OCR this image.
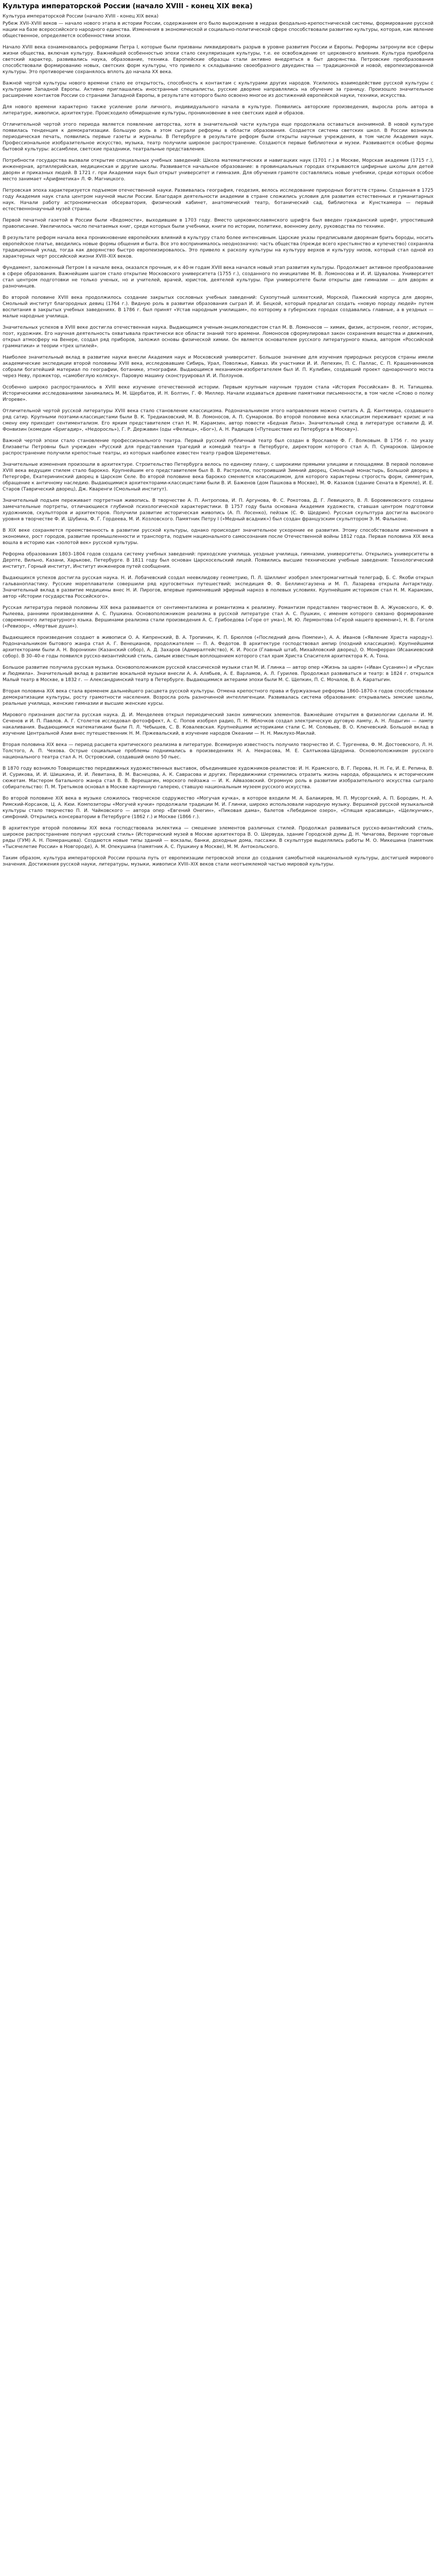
Культура императорской России (начало XVIII - конец XIX века)
Культура императорской России (начало XVIII - конец XIX века)

Рубеж XVII–XVIII веков — начало нового этапа в истории России, содержанием его было вырождение в недрах феодально-крепостнической системы, формирование русской нации на базе всероссийского народного единства. Изменения в экономической и социально-политической сфере способствовали развитию культуры, которая, как явление общественное, определяется особенностями эпохи.

Начало XVIII века ознаменовалось реформами Петра I, которые были призваны ликвидировать разрыв в уровне развития России и Европы. Реформы затронули все сферы жизни общества, включая культуру. Важнейшей особенностью эпохи стало секуляризация культуры, т.е. ее освобождение от церковного влияния. Культура приобрела светский характер, развивались наука, образование, техника. Европейские образцы стали активно внедряться в быт дворянства. Петровские преобразования способствовали формированию новых, светских форм культуры, что привело к складыванию своеобразного двуединства — традиционной и новой, европеизированной культуры. Это противоречие сохранялось вплоть до начала XX века.

Важной чертой культуры нового времени стало ее открытость, способность к контактам с культурами других народов. Усилилось взаимодействие русской культуры с культурами Западной Европы. Активно приглашались иностранные специалисты, русские дворяне направлялись на обучение за границу. Произошло значительное расширение контактов России со странами Западной Европы, в результате которого было освоено многое из достижений европейской науки, техники, искусства.

Для нового времени характерно также усиление роли личного, индивидуального начала в культуре. Появились авторские произведения, выросла роль автора в литературе, живописи, архитектуре. Происходило обмирщение культуры, проникновение в нее светских идей и образов.

Отличительной чертой этого периода является появление авторства, хотя в значительной части культура еще продолжала оставаться анонимной. В новой культуре появилась тенденция к демократизации. Большую роль в этом сыграли реформы в области образования. Создается система светских школ. В России возникла периодическая печать, появились первые газеты и журналы. В Петербурге в результате реформ были открыты научные учреждения, в том числе Академия наук. Профессиональное изобразительное искусство, музыка, театр получили широкое распространение. Создаются первые библиотеки и музеи. Развиваются особые формы бытовой культуры: ассамблеи, светские праздники, театральные представления.

Потребности государства вызвали открытие специальных учебных заведений: Школа математических и навигацких наук (1701 г.) в Москве, Морская академия (1715 г.), инженерная, артиллерийская, медицинская и другие школы. Развивается начальное образование: в провинциальных городах открываются цифирные школы для детей дворян и приказных людей. В 1721 г. при Академии наук был открыт университет и гимназия. Для обучения грамоте составлялись новые учебники, среди которых особое место занимает «Арифметика» Л. Ф. Магницкого.

Петровская эпоха характеризуется подъемом отечественной науки. Развивалась география, геодезия, велось исследование природных богатств страны. Созданная в 1725 году Академия наук стала центром научной мысли России. Благодаря деятельности академии в стране сложились условия для развития естественных и гуманитарных наук. Начали работу астрономическая обсерватория, физический кабинет, анатомический театр, ботанический сад, библиотека и Кунсткамера — первый естественнонаучный музей страны.

Первой печатной газетой в России были «Ведомости», выходившие в 1703 году. Вместо церковнославянского шрифта был введен гражданский шрифт, упростивший правописание. Увеличилось число печатаемых книг, среди которых были учебники, книги по истории, политике, военному делу, руководства по технике.

В результате реформ начала века проникновение европейских влияний в культуру стало более интенсивным. Царские указы предписывали дворянам брить бороды, носить европейское платье, вводились новые формы общения и быта. Все это воспринималось неоднозначно: часть общества (прежде всего крестьянство и купечество) сохраняла традиционный уклад, тогда как дворянство быстро европеизировалось. Это привело к расколу культуры на культуру верхов и культуру низов, который стал одной из характерных черт российской жизни XVIII–XIX веков.

Фундамент, заложенный Петром I в начале века, оказался прочным, и к 40-м годам XVIII века начался новый этап развития культуры. Продолжает активное преобразование в сфере образования. Важнейшим шагом стало открытие Московского университета (1755 г.), созданного по инициативе М. В. Ломоносова и И. И. Шувалова. Университет стал центром подготовки не только ученых, но и учителей, врачей, юристов, деятелей культуры. При университете были открыты две гимназии — для дворян и разночинцев.

Во второй половине XVIII века продолжилось создание закрытых сословных учебных заведений: Сухопутный шляхетский, Морской, Пажеский корпуса для дворян, Смольный институт благородных девиц (1764 г.). Видную роль в развитии образования сыграл И. И. Бецкой, который предлагал создать «новую породу людей» путем воспитания в закрытых учебных заведениях. В 1786 г. был принят «Устав народным училищам», по которому в губернских городах создавались главные, а в уездных — малые народные училища.

Значительных успехов в XVIII веке достигла отечественная наука. Выдающимся ученым-энциклопедистом стал М. В. Ломоносов — химик, физик, астроном, геолог, историк, поэт, художник. Его научная деятельность охватывала практически все области знаний того времени. Ломоносов сформулировал закон сохранения вещества и движения, открыл атмосферу на Венере, создал ряд приборов, заложил основы физической химии. Он является основателем русского литературного языка, автором «Российской грамматики» и теории «трех штилей».

Наиболее значительный вклад в развитие науки внесли Академия наук и Московский университет. Большое значение для изучения природных ресурсов страны имели академические экспедиции второй половины XVIII века, исследовавшие Сибирь, Урал, Поволжье, Кавказ. Их участники И. И. Лепехин, П. С. Паллас, С. П. Крашенинников собрали богатейший материал по географии, ботанике, этнографии. Выдающимся механиком-изобретателем был И. П. Кулибин, создавший проект одноарочного моста через Неву, прожектор, «самобеглую коляску». Паровую машину сконструировал И. И. Ползунов.

Особенно широко распространилось в XVIII веке изучение отечественной истории. Первым крупным научным трудом стала «История Российская» В. Н. Татищева. Историческими исследованиями занимались М. М. Щербатов, И. Н. Болтин, Г. Ф. Миллер. Начали издаваться древние памятники письменности, в том числе «Слово о полку Игореве».

Отличительной чертой русской литературы XVIII века стало становление классицизма. Родоначальником этого направления можно считать А. Д. Кантемира, создавшего ряд сатир. Крупными поэтами-классицистами были В. К. Тредиаковский, М. В. Ломоносов, А. П. Сумароков. Во второй половине века классицизм переживает кризис и на смену ему приходит сентиментализм. Его ярким представителем стал Н. М. Карамзин, автор повести «Бедная Лиза». Значительный след в литературе оставили Д. И. Фонвизин (комедии «Бригадир», «Недоросль»), Г. Р. Державин (оды «Фелица», «Бог»), А. Н. Радищев («Путешествие из Петербурга в Москву»).

Важной чертой эпохи стало становление профессионального театра. Первый русский публичный театр был создан в Ярославле Ф. Г. Волковым. В 1756 г. по указу Елизаветы Петровны был учрежден «Русский для представления трагедий и комедий театр» в Петербурге, директором которого стал А. П. Сумароков. Широкое распространение получили крепостные театры, из которых наиболее известен театр графов Шереметевых.

Значительные изменения произошли в архитектуре. Строительство Петербурга велось по единому плану, с широкими прямыми улицами и площадями. В первой половине XVIII века ведущим стилем стало барокко. Крупнейшим его представителем был В. В. Растрелли, построивший Зимний дворец, Смольный монастырь, Большой дворец в Петергофе, Екатерининский дворец в Царском Селе. Во второй половине века барокко сменяется классицизмом, для которого характерны строгость форм, симметрия, обращение к античному наследию. Выдающимися архитекторами-классицистами были В. И. Баженов (дом Пашкова в Москве), М. Ф. Казаков (здание Сената в Кремле), И. Е. Старов (Таврический дворец), Дж. Кваренги (Смольный институт).

Значительный подъем переживает портретная живопись. В творчестве А. П. Антропова, И. П. Аргунова, Ф. С. Рокотова, Д. Г. Левицкого, В. Л. Боровиковского созданы замечательные портреты, отличающиеся глубиной психологической характеристики. В 1757 году была основана Академия художеств, ставшая центром подготовки художников, скульпторов и архитекторов. Получили развитие историческая живопись (А. П. Лосенко), пейзаж (С. Ф. Щедрин). Русская скульптура достигла высокого уровня в творчестве Ф. И. Шубина, Ф. Г. Гордеева, М. И. Козловского. Памятник Петру I («Медный всадник») был создан французским скульптором Э. М. Фальконе.

В XIX веке сохраняется преемственность в развитии русской культуры, однако происходит значительное ускорение ее развития. Этому способствовали изменения в экономике, рост городов, развитие промышленности и транспорта, подъем национального самосознания после Отечественной войны 1812 года. Первая половина XIX века вошла в историю как «золотой век» русской культуры.

Реформа образования 1803–1804 годов создала систему учебных заведений: приходские училища, уездные училища, гимназии, университеты. Открылись университеты в Дерпте, Вильно, Казани, Харькове, Петербурге. В 1811 году был основан Царскосельский лицей. Появились высшие технические учебные заведения: Технологический институт, Горный институт, Институт инженеров путей сообщения.

Выдающихся успехов достигла русская наука. Н. И. Лобачевский создал неевклидову геометрию, П. Л. Шиллинг изобрел электромагнитный телеграф, Б. С. Якоби открыл гальванопластику. Русские мореплаватели совершили ряд кругосветных путешествий; экспедиция Ф. Ф. Беллинсгаузена и М. П. Лазарева открыла Антарктиду. Значительный вклад в развитие медицины внес Н. И. Пирогов, впервые применивший эфирный наркоз в полевых условиях. Крупнейшим историком стал Н. М. Карамзин, автор «Истории государства Российского».

Русская литература первой половины XIX века развивается от сентиментализма и романтизма к реализму. Романтизм представлен творчеством В. А. Жуковского, К. Ф. Рылеева, ранними произведениями А. С. Пушкина. Основоположником реализма в русской литературе стал А. С. Пушкин, с именем которого связано формирование современного литературного языка. Вершинами реализма стали произведения А. С. Грибоедова («Горе от ума»), М. Ю. Лермонтова («Герой нашего времени»), Н. В. Гоголя («Ревизор», «Мертвые души»).

Выдающиеся произведения создают в живописи О. А. Кипренский, В. А. Тропинин, К. П. Брюллов («Последний день Помпеи»), А. А. Иванов («Явление Христа народу»). Родоначальником бытового жанра стал А. Г. Венецианов, продолжателем — П. А. Федотов. В архитектуре господствовал ампир (поздний классицизм). Крупнейшими архитекторами были А. Н. Воронихин (Казанский собор), А. Д. Захаров (Адмиралтейство), К. И. Росси (Главный штаб, Михайловский дворец), О. Монферран (Исаакиевский собор). В 30–40-е годы появился русско-византийский стиль, самым известным воплощением которого стал храм Христа Спасителя архитектора К. А. Тона.

Большое развитие получила русская музыка. Основоположником русской классической музыки стал М. И. Глинка — автор опер «Жизнь за царя» («Иван Сусанин») и «Руслан и Людмила». Значительный вклад в развитие вокальной музыки внесли А. А. Алябьев, А. Е. Варламов, А. Л. Гурилев. Продолжал развиваться и театр: в 1824 г. открылся Малый театр в Москве, в 1832 г. — Александринский театр в Петербурге. Выдающимися актерами эпохи были М. С. Щепкин, П. С. Мочалов, В. А. Каратыгин.

Вторая половина XIX века стала временем дальнейшего расцвета русской культуры. Отмена крепостного права и буржуазные реформы 1860–1870-х годов способствовали демократизации культуры, росту грамотности населения. Возросла роль разночинной интеллигенции. Развивалась система образования: открывались земские школы, реальные училища, женские гимназии и высшие женские курсы.

Мирового признания достигла русская наука. Д. И. Менделеев открыл периодический закон химических элементов. Важнейшие открытия в физиологии сделали И. М. Сеченов и И. П. Павлов. А. Г. Столетов исследовал фотоэффект, А. С. Попов изобрел радио, П. Н. Яблочков создал электрическую дуговую лампу, А. Н. Лодыгин — лампу накаливания. Выдающимися математиками были П. Л. Чебышев, С. В. Ковалевская. Крупнейшими историками стали С. М. Соловьев, В. О. Ключевский. Большой вклад в изучение Центральной Азии внес путешественник Н. М. Пржевальский, в изучение народов Океании — Н. Н. Миклухо-Маклай.

Вторая половина XIX века — период расцвета критического реализма в литературе. Всемирную известность получило творчество И. С. Тургенева, Ф. М. Достоевского, Л. Н. Толстого, А. П. Чехова. Острые социальные проблемы поднимались в произведениях Н. А. Некрасова, М. Е. Салтыкова-Щедрина. Основоположником русского национального театра стал А. Н. Островский, создавший около 50 пьес.

В 1870 году возникло Товарищество передвижных художественных выставок, объединившее художников-реалистов: И. Н. Крамского, В. Г. Перова, Н. Н. Ге, И. Е. Репина, В. И. Сурикова, И. И. Шишкина, И. И. Левитана, В. М. Васнецова, А. К. Саврасова и других. Передвижники стремились отразить жизнь народа, обращались к историческим сюжетам. Мастером батального жанра стал В. В. Верещагин, морского пейзажа — И. К. Айвазовский. Огромную роль в развитии изобразительного искусства сыграло собирательство: П. М. Третьяков основал в Москве картинную галерею, ставшую национальным музеем русского искусства.

Во второй половине XIX века в музыке сложилось творческое содружество «Могучая кучка», в которое входили М. А. Балакирев, М. П. Мусоргский, А. П. Бородин, Н. А. Римский-Корсаков, Ц. А. Кюи. Композиторы «Могучей кучки» продолжали традиции М. И. Глинки, широко использовали народную музыку. Вершиной русской музыкальной культуры стало творчество П. И. Чайковского — автора опер «Евгений Онегин», «Пиковая дама», балетов «Лебединое озеро», «Спящая красавица», «Щелкунчик», симфоний. Открылись консерватории в Петербурге (1862 г.) и Москве (1866 г.).

В архитектуре второй половины XIX века господствовала эклектика — смешение элементов различных стилей. Продолжал развиваться русско-византийский стиль, широкое распространение получил «русский стиль» (Исторический музей в Москве архитектора В. О. Шервуда, здание Городской думы Д. Н. Чичагова, Верхние торговые ряды (ГУМ) А. Н. Померанцева). Создаются новые типы зданий — вокзалы, банки, доходные дома, пассажи. В скульптуре выделялись работы М. О. Микешина (памятник «Тысячелетие России» в Новгороде), А. М. Опекушина (памятник А. С. Пушкину в Москве), М. М. Антокольского.

Таким образом, культура императорской России прошла путь от европеизации петровской эпохи до создания самобытной национальной культуры, достигшей мирового значения. Достижения русской науки, литературы, музыки, живописи XVIII–XIX веков стали неотъемлемой частью мировой культуры.
